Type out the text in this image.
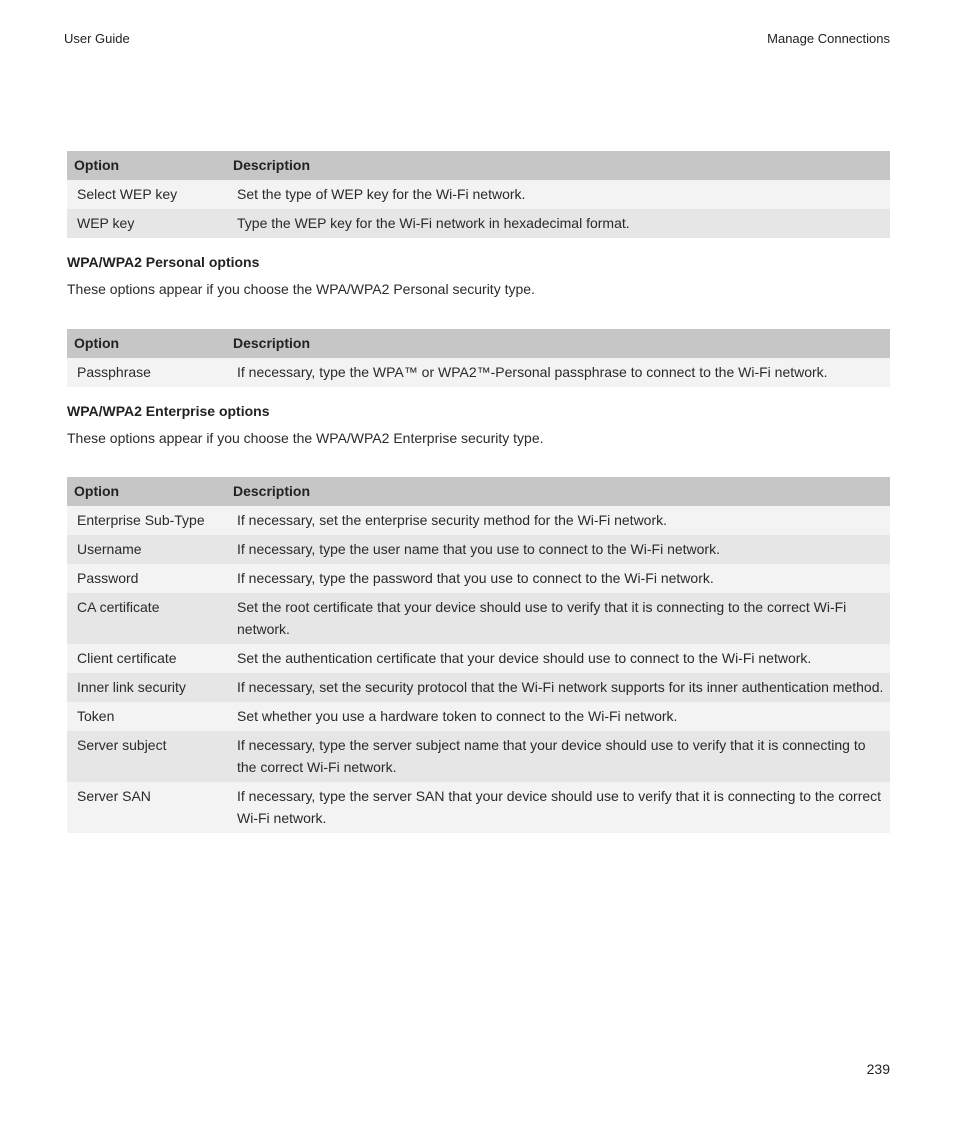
User Guide	Manage Connections
Option	Description
Select WEP key	Set the type of WEP key for the Wi-Fi network.
WEP key	Type the WEP key for the Wi-Fi network in hexadecimal format.
WPA/WPA2 Personal options

These options appear if you choose the WPA/WPA2 Personal security type.

Option	Description
Passphrase	If necessary, type the WPA™ or WPA2™-Personal passphrase to connect to the Wi-Fi network.
WPA/WPA2 Enterprise options

These options appear if you choose the WPA/WPA2 Enterprise security type.

Option	Description
Enterprise Sub-Type	If necessary, set the enterprise security method for the Wi-Fi network.
Username	If necessary, type the user name that you use to connect to the Wi-Fi network.
Password	If necessary, type the password that you use to connect to the Wi-Fi network.
CA certificate	Set the root certificate that your device should use to verify that it is connecting to the correct Wi-Fi network.
Client certificate	Set the authentication certificate that your device should use to connect to the Wi-Fi network.
Inner link security	If necessary, set the security protocol that the Wi-Fi network supports for its inner authentication method.
Token	Set whether you use a hardware token to connect to the Wi-Fi network.
Server subject	If necessary, type the server subject name that your device should use to verify that it is connecting to the correct Wi-Fi network.
Server SAN	If necessary, type the server SAN that your device should use to verify that it is connecting to the correct Wi-Fi network.
239
